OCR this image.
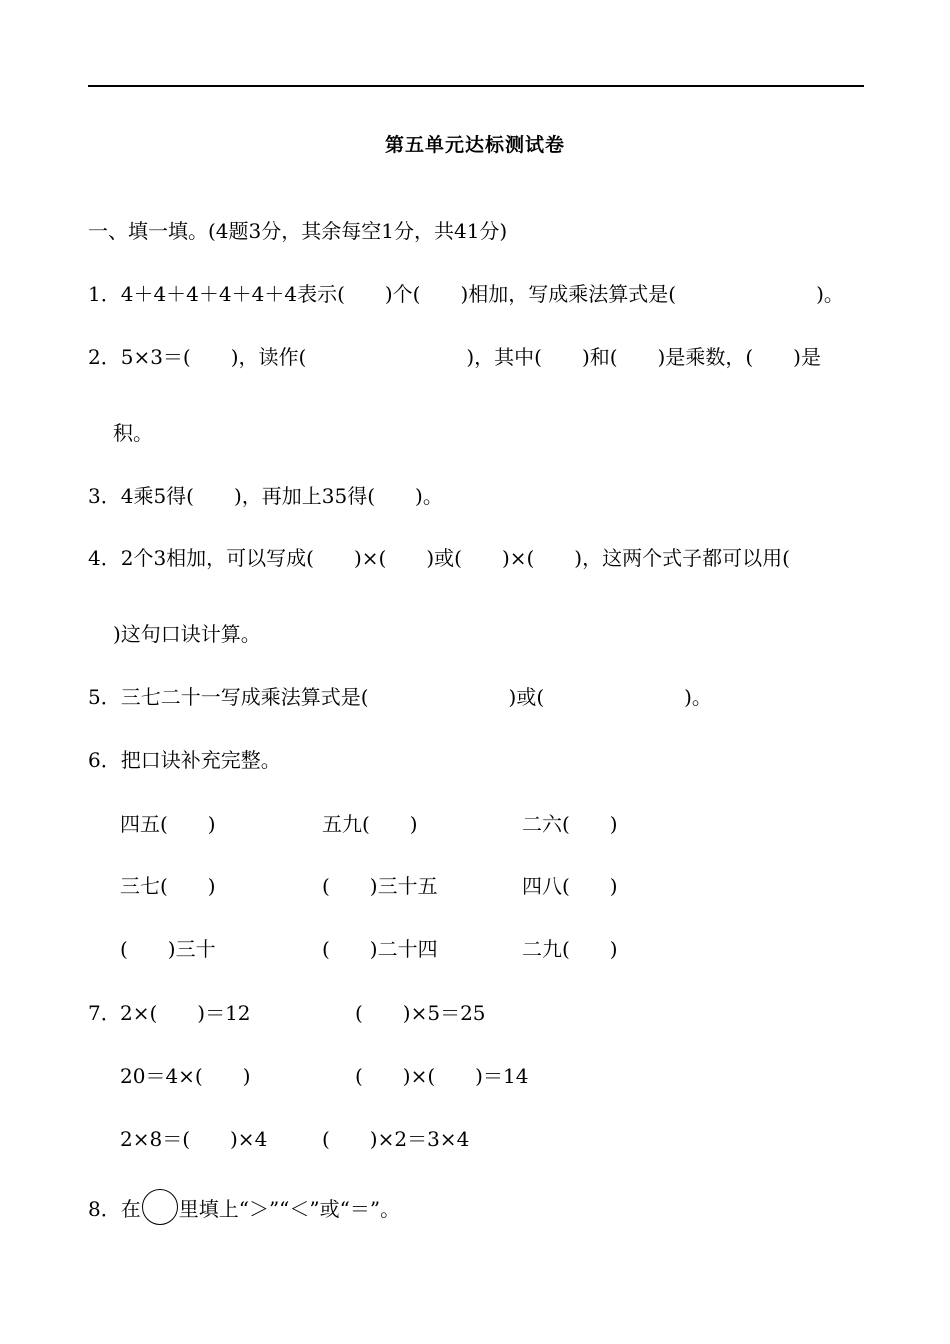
第五单元达标测试卷
一、填一填。(4题3分，其余每空1分，共41分)
1．4＋4＋4＋4＋4＋4表示(　　)个(　　)相加，写成乘法算式是(　　　　　　　)。
2．5×3＝(　　)，读作(　　　　　　　　)，其中(　　)和(　　)是乘数，(　　)是
积。
3．4乘5得(　　)，再加上35得(　　)。
4．2个3相加，可以写成(　　)×(　　)或(　　)×(　　)，这两个式子都可以用(
)这句口诀计算。
5．三七二十一写成乘法算式是(　　　　　　　)或(　　　　　　　)。
6．把口诀补充完整。
四五(　　)	五九(　　)	二六(　　)
三七(　　)	(　　)三十五	四八(　　)
(　　)三十	(　　)二十四	二九(　　)
7． 2×(　　)＝12	(　　)×5＝25
20＝4×(　　)	(　　)×(　　)＝14
2×8＝(　　)×4	(　　)×2＝3×4
8．在 里填上“＞”“＜”或“＝”。
